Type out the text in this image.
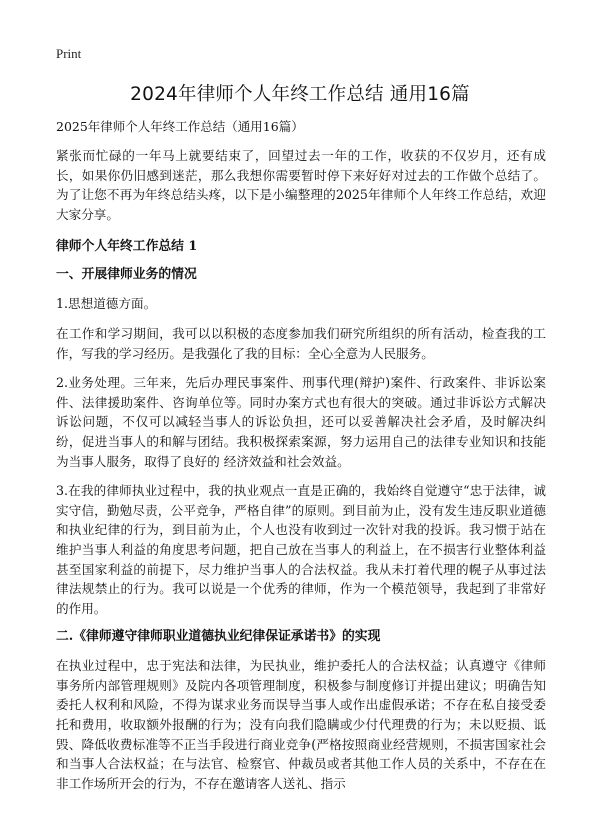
Print
2024年律师个人年终工作总结 通用16篇
2025年律师个人年终工作总结（通用16篇）

紧张而忙碌的一年马上就要结束了，回望过去一年的工作，收获的不仅岁月，还有成长，如果你仍旧感到迷茫，那么我想你需要暂时停下来好好对过去的工作做个总结了。为了让您不再为年终总结头疼，以下是小编整理的2025年律师个人年终工作总结，欢迎大家分享。

律师个人年终工作总结 1
一、开展律师业务的情况

1.思想道德方面。

在工作和学习期间，我可以以积极的态度参加我们研究所组织的所有活动，检查我的工作，写我的学习经历。是我强化了我的目标：全心全意为人民服务。

2.业务处理。三年来，先后办理民事案件、刑事代理(辩护)案件、行政案件、非诉讼案件、法律援助案件、咨询单位等。同时办案方式也有很大的突破。通过非诉讼方式解决诉讼问题，不仅可以减轻当事人的诉讼负担，还可以妥善解决社会矛盾，及时解决纠纷，促进当事人的和解与团结。我积极探索案源，努力运用自己的法律专业知识和技能为当事人服务，取得了良好的 经济效益和社会效益。

3.在我的律师执业过程中，我的执业观点一直是正确的，我始终自觉遵守“忠于法律，诚实守信，勤勉尽责，公平竞争，严格自律”的原则。到目前为止，没有发生违反职业道德和执业纪律的行为，到目前为止，个人也没有收到过一次针对我的投诉。我习惯于站在维护当事人利益的角度思考问题，把自己放在当事人的利益上，在不损害行业整体利益甚至国家利益的前提下，尽力维护当事人的合法权益。我从未打着代理的幌子从事过法律法规禁止的行为。我可以说是一个优秀的律师，作为一个模范领导，我起到了非常好的作用。

二.《律师遵守律师职业道德执业纪律保证承诺书》的实现

在执业过程中，忠于宪法和法律，为民执业，维护委托人的合法权益；认真遵守《律师事务所内部管理规则》及院内各项管理制度，积极参与制度修订并提出建议；明确告知委托人权利和风险，不得为谋求业务而误导当事人或作出虚假承诺；不存在私自接受委托和费用，收取额外报酬的行为；没有向我们隐瞒或少付代理费的行为；未以贬损、诋毁、降低收费标准等不正当手段进行商业竞争(严格按照商业经营规则，不损害国家社会和当事人合法权益；在与法官、检察官、仲裁员或者其他工作人员的关系中，不存在在非工作场所开会的行为，不存在邀请客人送礼、指示
